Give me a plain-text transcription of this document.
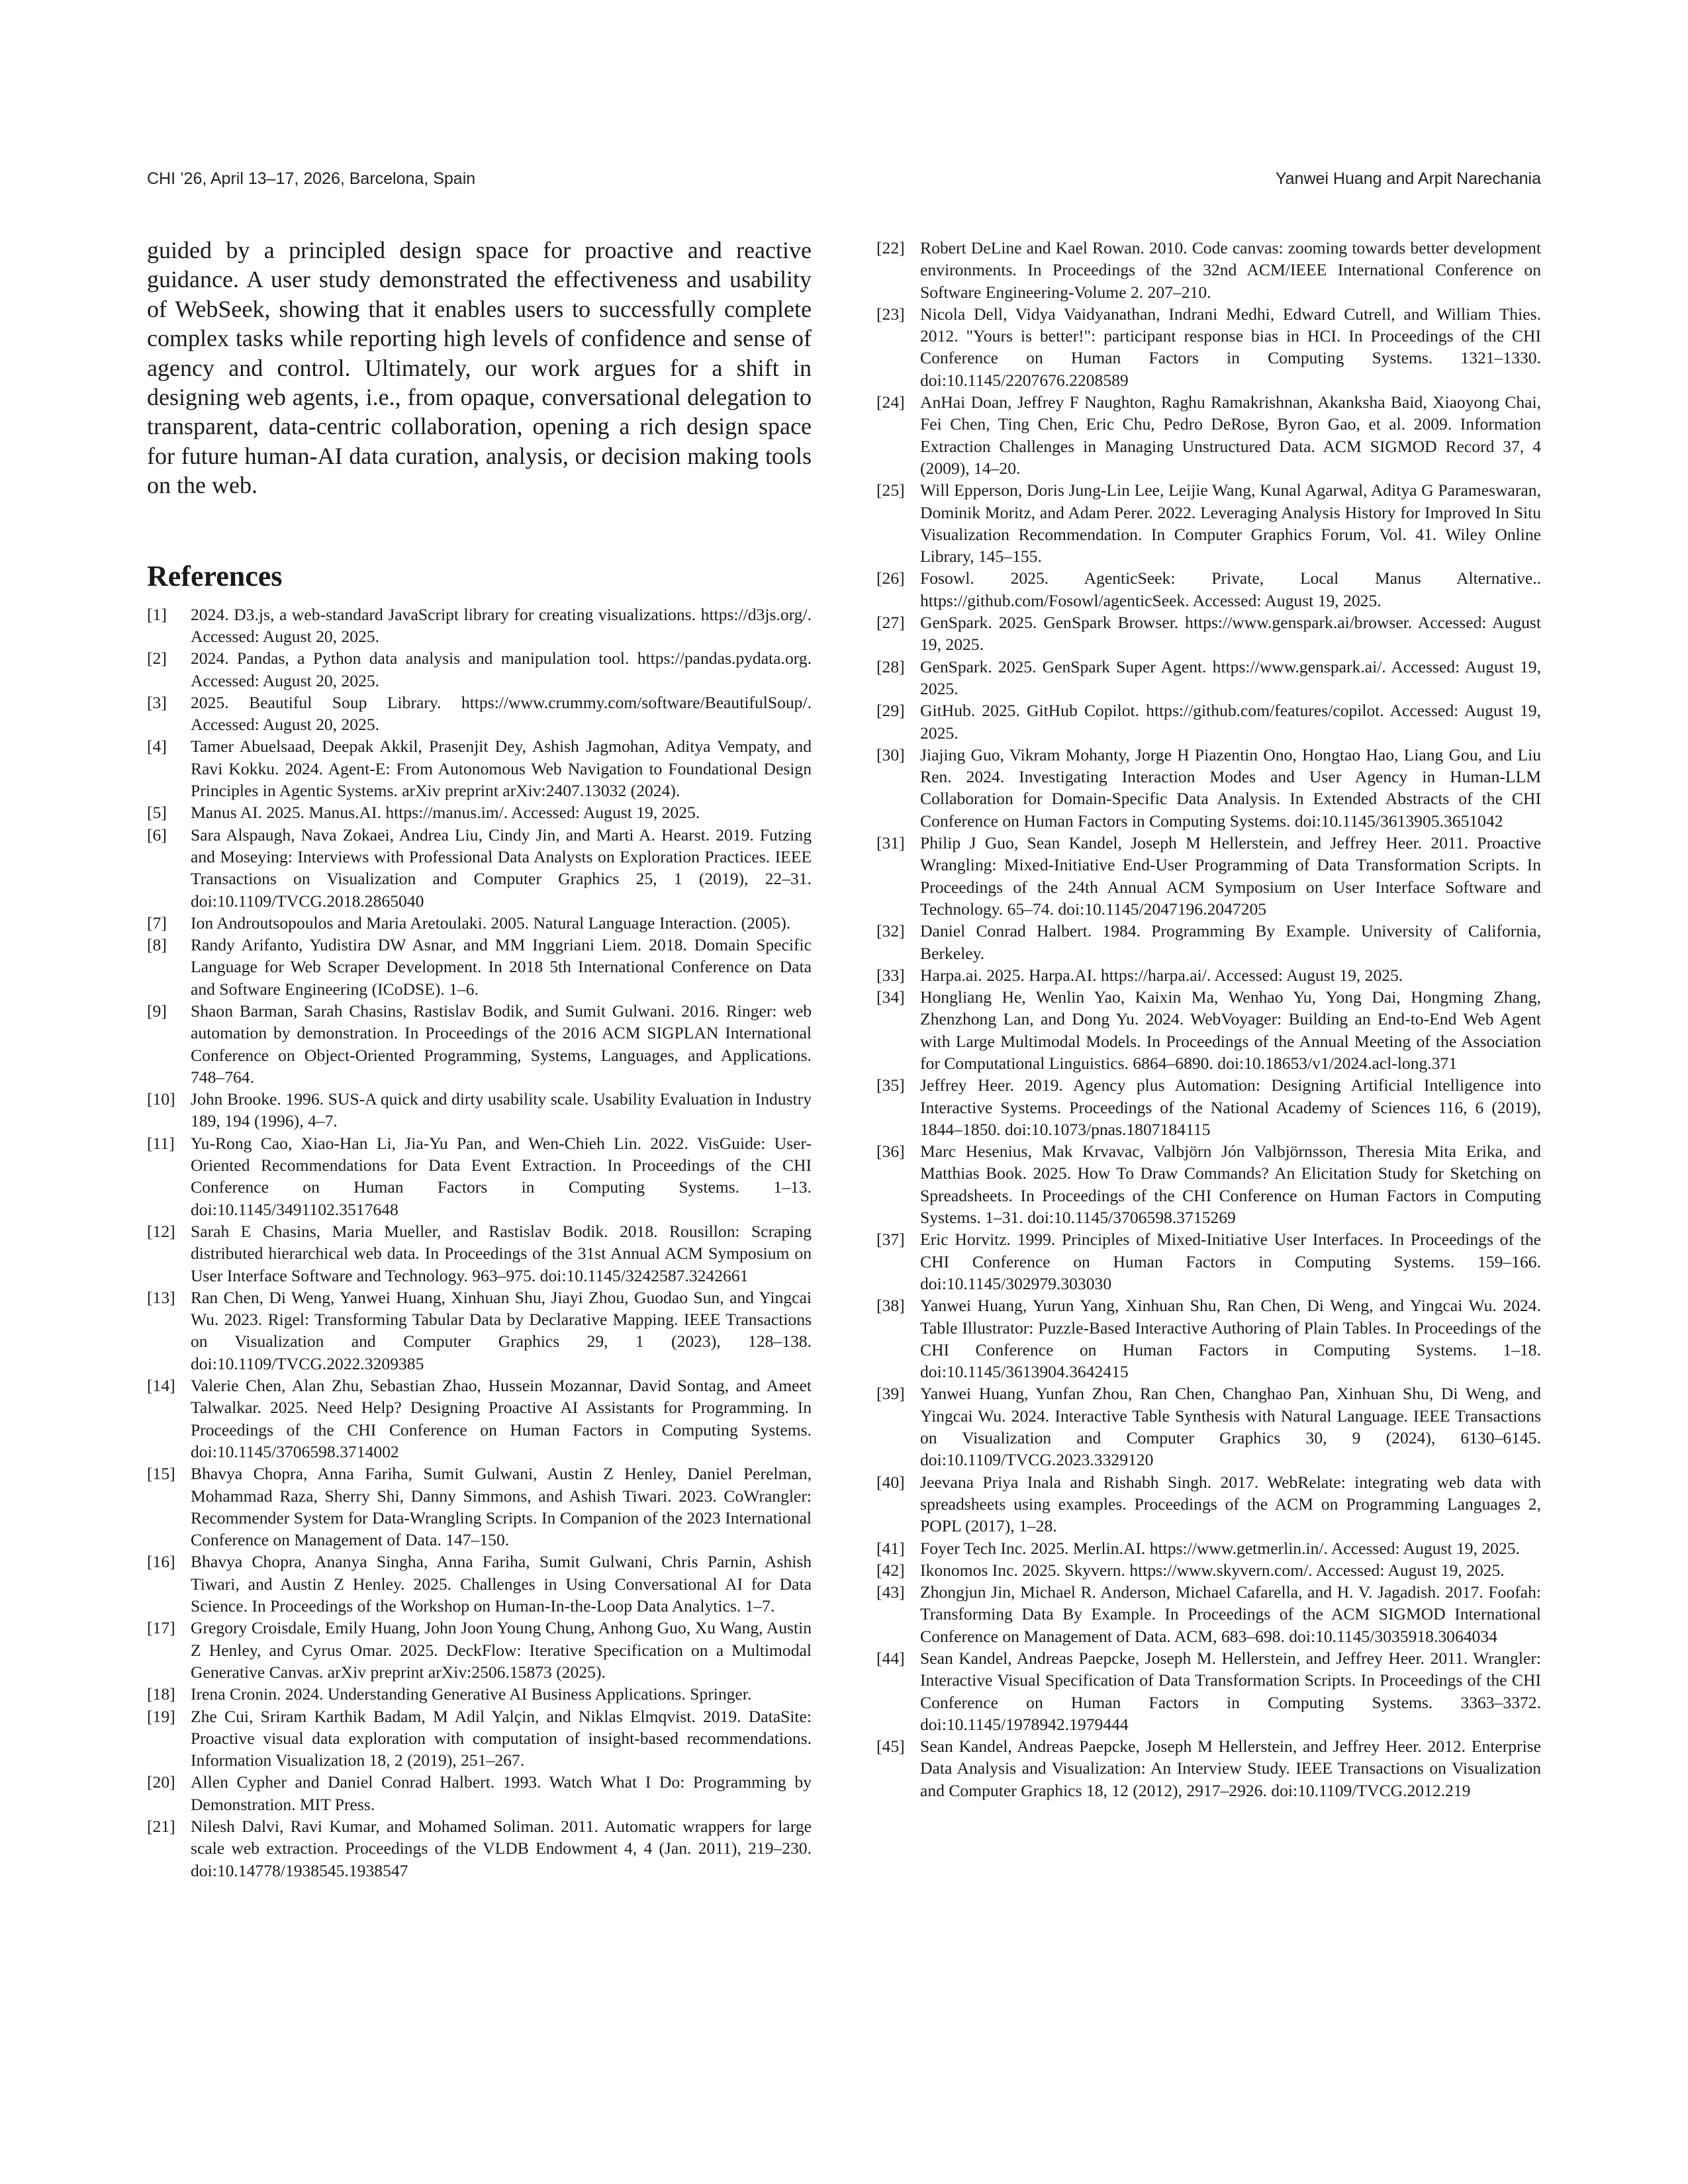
CHI ’26, April 13–17, 2026, Barcelona, Spain	Yanwei Huang and Arpit Narechania

guided by a principled design space for proactive and reactive guidance. A user study demonstrated the effectiveness and usability of WebSeek, showing that it enables users to successfully complete complex tasks while reporting high levels of confidence and sense of agency and control. Ultimately, our work argues for a shift in designing web agents, i.e., from opaque, conversational delegation to transparent, data-centric collaboration, opening a rich design space for future human-AI data curation, analysis, or decision making tools on the web.

References
[1]	2024. D3.js, a web-standard JavaScript library for creating visualizations. https://d3js.org/. Accessed: August 20, 2025.
[2]	2024. Pandas, a Python data analysis and manipulation tool. https://pandas.pydata.org. Accessed: August 20, 2025.
[3]	2025. Beautiful Soup Library. https://www.crummy.com/software/BeautifulSoup/. Accessed: August 20, 2025.
[4]	Tamer Abuelsaad, Deepak Akkil, Prasenjit Dey, Ashish Jagmohan, Aditya Vempaty, and Ravi Kokku. 2024. Agent-E: From Autonomous Web Navigation to Foundational Design Principles in Agentic Systems. arXiv preprint arXiv:2407.13032 (2024).
[5]	Manus AI. 2025. Manus.AI. https://manus.im/. Accessed: August 19, 2025.
[6]	Sara Alspaugh, Nava Zokaei, Andrea Liu, Cindy Jin, and Marti A. Hearst. 2019. Futzing and Moseying: Interviews with Professional Data Analysts on Exploration Practices. IEEE Transactions on Visualization and Computer Graphics 25, 1 (2019), 22–31. doi:10.1109/TVCG.2018.2865040
[7]	Ion Androutsopoulos and Maria Aretoulaki. 2005. Natural Language Interaction. (2005).
[8]	Randy Arifanto, Yudistira DW Asnar, and MM Inggriani Liem. 2018. Domain Specific Language for Web Scraper Development. In 2018 5th International Conference on Data and Software Engineering (ICoDSE). 1–6.
[9]	Shaon Barman, Sarah Chasins, Rastislav Bodik, and Sumit Gulwani. 2016. Ringer: web automation by demonstration. In Proceedings of the 2016 ACM SIGPLAN International Conference on Object-Oriented Programming, Systems, Languages, and Applications. 748–764.
[10] John Brooke. 1996. SUS-A quick and dirty usability scale. Usability Evaluation in Industry 189, 194 (1996), 4–7.
[11] Yu-Rong Cao, Xiao-Han Li, Jia-Yu Pan, and Wen-Chieh Lin. 2022. VisGuide: User-Oriented Recommendations for Data Event Extraction. In Proceedings of the CHI Conference on Human Factors in Computing Systems. 1–13. doi:10.1145/3491102.3517648
[12] Sarah E Chasins, Maria Mueller, and Rastislav Bodik. 2018. Rousillon: Scraping distributed hierarchical web data. In Proceedings of the 31st Annual ACM Symposium on User Interface Software and Technology. 963–975. doi:10.1145/3242587.3242661
[13] Ran Chen, Di Weng, Yanwei Huang, Xinhuan Shu, Jiayi Zhou, Guodao Sun, and Yingcai Wu. 2023. Rigel: Transforming Tabular Data by Declarative Mapping. IEEE Transactions on Visualization and Computer Graphics 29, 1 (2023), 128–138. doi:10.1109/TVCG.2022.3209385
[14] Valerie Chen, Alan Zhu, Sebastian Zhao, Hussein Mozannar, David Sontag, and Ameet Talwalkar. 2025. Need Help? Designing Proactive AI Assistants for Programming. In Proceedings of the CHI Conference on Human Factors in Computing Systems. doi:10.1145/3706598.3714002
[15] Bhavya Chopra, Anna Fariha, Sumit Gulwani, Austin Z Henley, Daniel Perelman, Mohammad Raza, Sherry Shi, Danny Simmons, and Ashish Tiwari. 2023. CoWrangler: Recommender System for Data-Wrangling Scripts. In Companion of the 2023 International Conference on Management of Data. 147–150.
[16] Bhavya Chopra, Ananya Singha, Anna Fariha, Sumit Gulwani, Chris Parnin, Ashish Tiwari, and Austin Z Henley. 2025. Challenges in Using Conversational AI for Data Science. In Proceedings of the Workshop on Human-In-the-Loop Data Analytics. 1–7.
[17] Gregory Croisdale, Emily Huang, John Joon Young Chung, Anhong Guo, Xu Wang, Austin Z Henley, and Cyrus Omar. 2025. DeckFlow: Iterative Specification on a Multimodal Generative Canvas. arXiv preprint arXiv:2506.15873 (2025).
[18] Irena Cronin. 2024. Understanding Generative AI Business Applications. Springer.
[19] Zhe Cui, Sriram Karthik Badam, M Adil Yalçin, and Niklas Elmqvist. 2019. DataSite: Proactive visual data exploration with computation of insight-based recommendations. Information Visualization 18, 2 (2019), 251–267.
[20] Allen Cypher and Daniel Conrad Halbert. 1993. Watch What I Do: Programming by Demonstration. MIT Press.
[21] Nilesh Dalvi, Ravi Kumar, and Mohamed Soliman. 2011. Automatic wrappers for large scale web extraction. Proceedings of the VLDB Endowment 4, 4 (Jan. 2011), 219–230. doi:10.14778/1938545.1938547
[22] Robert DeLine and Kael Rowan. 2010. Code canvas: zooming towards better development environments. In Proceedings of the 32nd ACM/IEEE International Conference on Software Engineering-Volume 2. 207–210.
[23] Nicola Dell, Vidya Vaidyanathan, Indrani Medhi, Edward Cutrell, and William Thies. 2012. "Yours is better!": participant response bias in HCI. In Proceedings of the CHI Conference on Human Factors in Computing Systems. 1321–1330. doi:10.1145/2207676.2208589
[24] AnHai Doan, Jeffrey F Naughton, Raghu Ramakrishnan, Akanksha Baid, Xiaoyong Chai, Fei Chen, Ting Chen, Eric Chu, Pedro DeRose, Byron Gao, et al. 2009. Information Extraction Challenges in Managing Unstructured Data. ACM SIGMOD Record 37, 4 (2009), 14–20.
[25] Will Epperson, Doris Jung-Lin Lee, Leijie Wang, Kunal Agarwal, Aditya G Parameswaran, Dominik Moritz, and Adam Perer. 2022. Leveraging Analysis History for Improved In Situ Visualization Recommendation. In Computer Graphics Forum, Vol. 41. Wiley Online Library, 145–155.
[26] Fosowl. 2025. AgenticSeek: Private, Local Manus Alternative.. https://github.com/Fosowl/agenticSeek. Accessed: August 19, 2025.
[27] GenSpark. 2025. GenSpark Browser. https://www.genspark.ai/browser. Accessed: August 19, 2025.
[28] GenSpark. 2025. GenSpark Super Agent. https://www.genspark.ai/. Accessed: August 19, 2025.
[29] GitHub. 2025. GitHub Copilot. https://github.com/features/copilot. Accessed: August 19, 2025.
[30] Jiajing Guo, Vikram Mohanty, Jorge H Piazentin Ono, Hongtao Hao, Liang Gou, and Liu Ren. 2024. Investigating Interaction Modes and User Agency in Human-LLM Collaboration for Domain-Specific Data Analysis. In Extended Abstracts of the CHI Conference on Human Factors in Computing Systems. doi:10.1145/3613905.3651042
[31] Philip J Guo, Sean Kandel, Joseph M Hellerstein, and Jeffrey Heer. 2011. Proactive Wrangling: Mixed-Initiative End-User Programming of Data Transformation Scripts. In Proceedings of the 24th Annual ACM Symposium on User Interface Software and Technology. 65–74. doi:10.1145/2047196.2047205
[32] Daniel Conrad Halbert. 1984. Programming By Example. University of California, Berkeley.
[33] Harpa.ai. 2025. Harpa.AI. https://harpa.ai/. Accessed: August 19, 2025.
[34] Hongliang He, Wenlin Yao, Kaixin Ma, Wenhao Yu, Yong Dai, Hongming Zhang, Zhenzhong Lan, and Dong Yu. 2024. WebVoyager: Building an End-to-End Web Agent with Large Multimodal Models. In Proceedings of the Annual Meeting of the Association for Computational Linguistics. 6864–6890. doi:10.18653/v1/2024.acl-long.371
[35] Jeffrey Heer. 2019. Agency plus Automation: Designing Artificial Intelligence into Interactive Systems. Proceedings of the National Academy of Sciences 116, 6 (2019), 1844–1850. doi:10.1073/pnas.1807184115
[36] Marc Hesenius, Mak Krvavac, Valbjörn Jón Valbjörnsson, Theresia Mita Erika, and Matthias Book. 2025. How To Draw Commands? An Elicitation Study for Sketching on Spreadsheets. In Proceedings of the CHI Conference on Human Factors in Computing Systems. 1–31. doi:10.1145/3706598.3715269
[37] Eric Horvitz. 1999. Principles of Mixed-Initiative User Interfaces. In Proceedings of the CHI Conference on Human Factors in Computing Systems. 159–166. doi:10.1145/302979.303030
[38] Yanwei Huang, Yurun Yang, Xinhuan Shu, Ran Chen, Di Weng, and Yingcai Wu. 2024. Table Illustrator: Puzzle-Based Interactive Authoring of Plain Tables. In Proceedings of the CHI Conference on Human Factors in Computing Systems. 1–18. doi:10.1145/3613904.3642415
[39] Yanwei Huang, Yunfan Zhou, Ran Chen, Changhao Pan, Xinhuan Shu, Di Weng, and Yingcai Wu. 2024. Interactive Table Synthesis with Natural Language. IEEE Transactions on Visualization and Computer Graphics 30, 9 (2024), 6130–6145. doi:10.1109/TVCG.2023.3329120
[40] Jeevana Priya Inala and Rishabh Singh. 2017. WebRelate: integrating web data with spreadsheets using examples. Proceedings of the ACM on Programming Languages 2, POPL (2017), 1–28.
[41] Foyer Tech Inc. 2025. Merlin.AI. https://www.getmerlin.in/. Accessed: August 19, 2025.
[42] Ikonomos Inc. 2025. Skyvern. https://www.skyvern.com/. Accessed: August 19, 2025.
[43] Zhongjun Jin, Michael R. Anderson, Michael Cafarella, and H. V. Jagadish. 2017. Foofah: Transforming Data By Example. In Proceedings of the ACM SIGMOD International Conference on Management of Data. ACM, 683–698. doi:10.1145/3035918.3064034
[44] Sean Kandel, Andreas Paepcke, Joseph M. Hellerstein, and Jeffrey Heer. 2011. Wrangler: Interactive Visual Specification of Data Transformation Scripts. In Proceedings of the CHI Conference on Human Factors in Computing Systems. 3363–3372. doi:10.1145/1978942.1979444
[45] Sean Kandel, Andreas Paepcke, Joseph M Hellerstein, and Jeffrey Heer. 2012. Enterprise Data Analysis and Visualization: An Interview Study. IEEE Transactions on Visualization and Computer Graphics 18, 12 (2012), 2917–2926. doi:10.1109/TVCG.2012.219
